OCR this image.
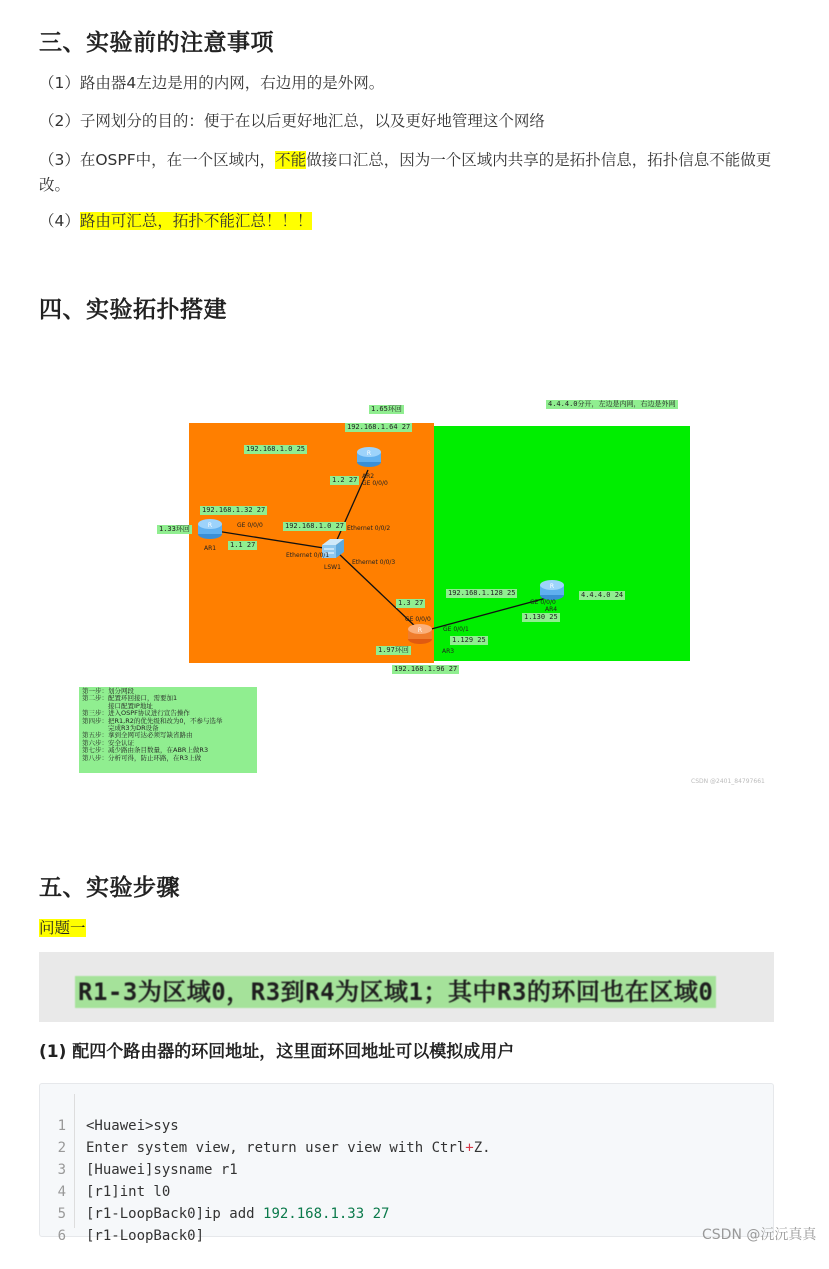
三、实验前的注意事项

（1）路由器4左边是用的内网，右边用的是外网。

（2）子网划分的目的：便于在以后更好地汇总，以及更好地管理这个网络

（3）在OSPF中，在一个区域内，不能做接口汇总，因为一个区域内共享的是拓扑信息，拓扑信息不能做更改。

（4）路由可汇总，拓扑不能汇总！！！

四、实验拓扑搭建
R
R
R
R
1.65环回
192.168.1.64 27
4.4.4.0分开，左边是内网，右边是外网
192.168.1.0 25
1.2 27
192.168.1.32 27
1.33环回	192.168.1.0 27
1.1 27
192.168.1.128 25	4.4.4.0 24
1.130 25
1.3 27
1.129 25
1.97环回
192.168.1.96 27
AR2
GE 0/0/0
AR1
GE 0/0/0
LSW1
Ethernet 0/0/2
Ethernet 0/0/1
Ethernet 0/0/3
GE 0/0/0
GE 0/0/1
AR3
GE 0/0/0
AR4
第一步：划分网段
第二步：配置环回接口，需要加1
　　　　接口配置IP地址
第三步：进入OSPF协议进行宣告操作
第四步：把R1,R2的优先级和改为0，不参与选举
　　　　完成R3为DR设备
第五步：拿到全网可达必须写缺省路由
第六步：安全认证
第七步：减少路由条目数量，在ABR上做R3
第八步：分析可得，防止环路，在R3上做
CSDN @2401_84797661
五、实验步骤
问题一
R1-3为区域0，R3到R4为区域1；其中R3的环回也在区域0
(1) 配四个路由器的环回地址，这里面环回地址可以模拟成用户

1 <Huawei>sys

2 Enter system view, return user view with Ctrl+Z.

3 [Huawei]sysname r1

4 [r1]int l0

5 [r1-LoopBack0]ip add 192.168.1.33 27

6 [r1-LoopBack0]

	CSDN @沅沅真真
